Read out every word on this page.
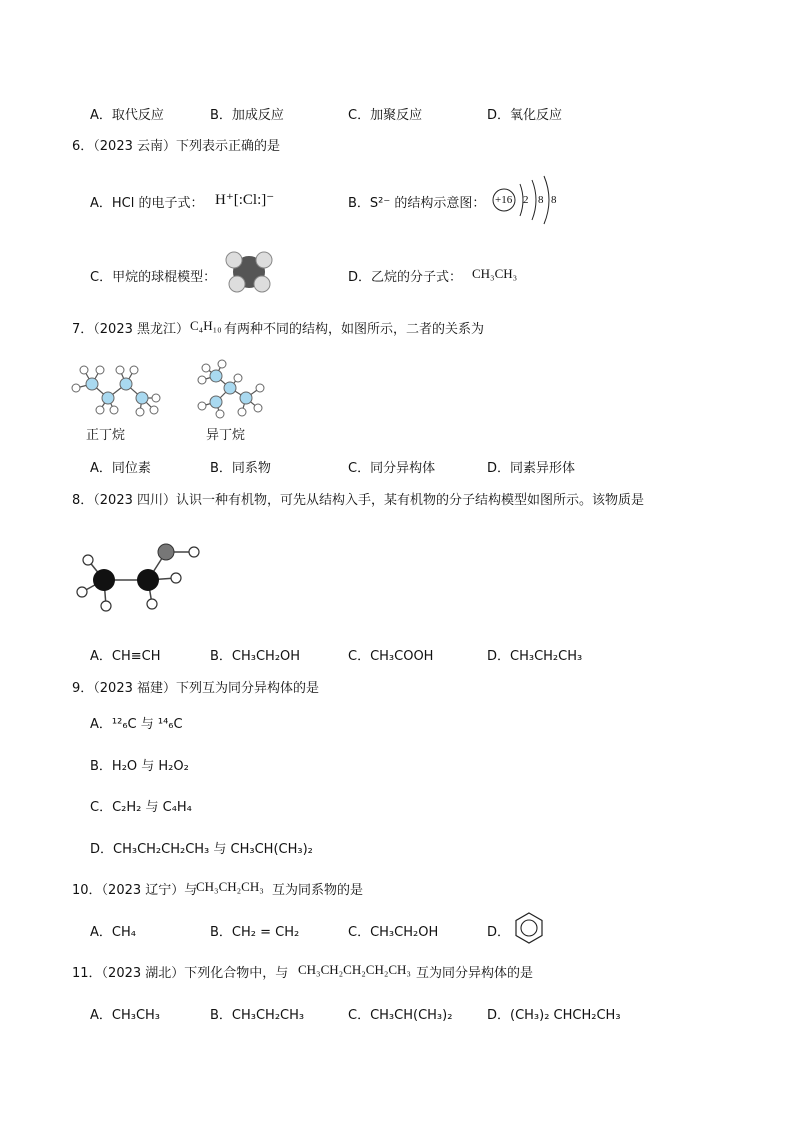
A．取代反应	B．加成反应	C．加聚反应	D．氧化反应
6．（2023 云南）下列表示正确的是
A．HCl 的电子式： H⁺[:Cl:]⁻	B．S²⁻ 的结构示意图： +16 2 8 8
C．甲烷的球棍模型：	D．乙烷的分子式： CH₃CH₃
7．（2023 黑龙江） C₄H₁₀ 有两种不同的结构，如图所示，二者的关系为
正丁烷	异丁烷
A．同位素	B．同系物	C．同分异构体	D．同素异形体
8．（2023 四川）认识一种有机物，可先从结构入手，某有机物的分子结构模型如图所示。该物质是
A．CH≡CH	B．CH₃CH₂OH	C．CH₃COOH	D．CH₃CH₂CH₃
9．（2023 福建）下列互为同分异构体的是
A．¹²₆C 与 ¹⁴₆C
B．H₂O 与 H₂O₂
C．C₂H₂ 与 C₄H₄
D．CH₃CH₂CH₂CH₃ 与 CH₃CH(CH₃)₂
10．（2023 辽宁）与
CH₃CH₂CH₃ 互为同系物的是
A．CH₄	B．CH₂ = CH₂	C．CH₃CH₂OH	D．
11．（2023 湖北）下列化合物中，与 CH₃CH₂CH₂CH₂CH₃ 互为同分异构体的是
A．CH₃CH₃	B．CH₃CH₂CH₃	C．CH₃CH(CH₃)₂	D．(CH₃)₂ CHCH₂CH₃
